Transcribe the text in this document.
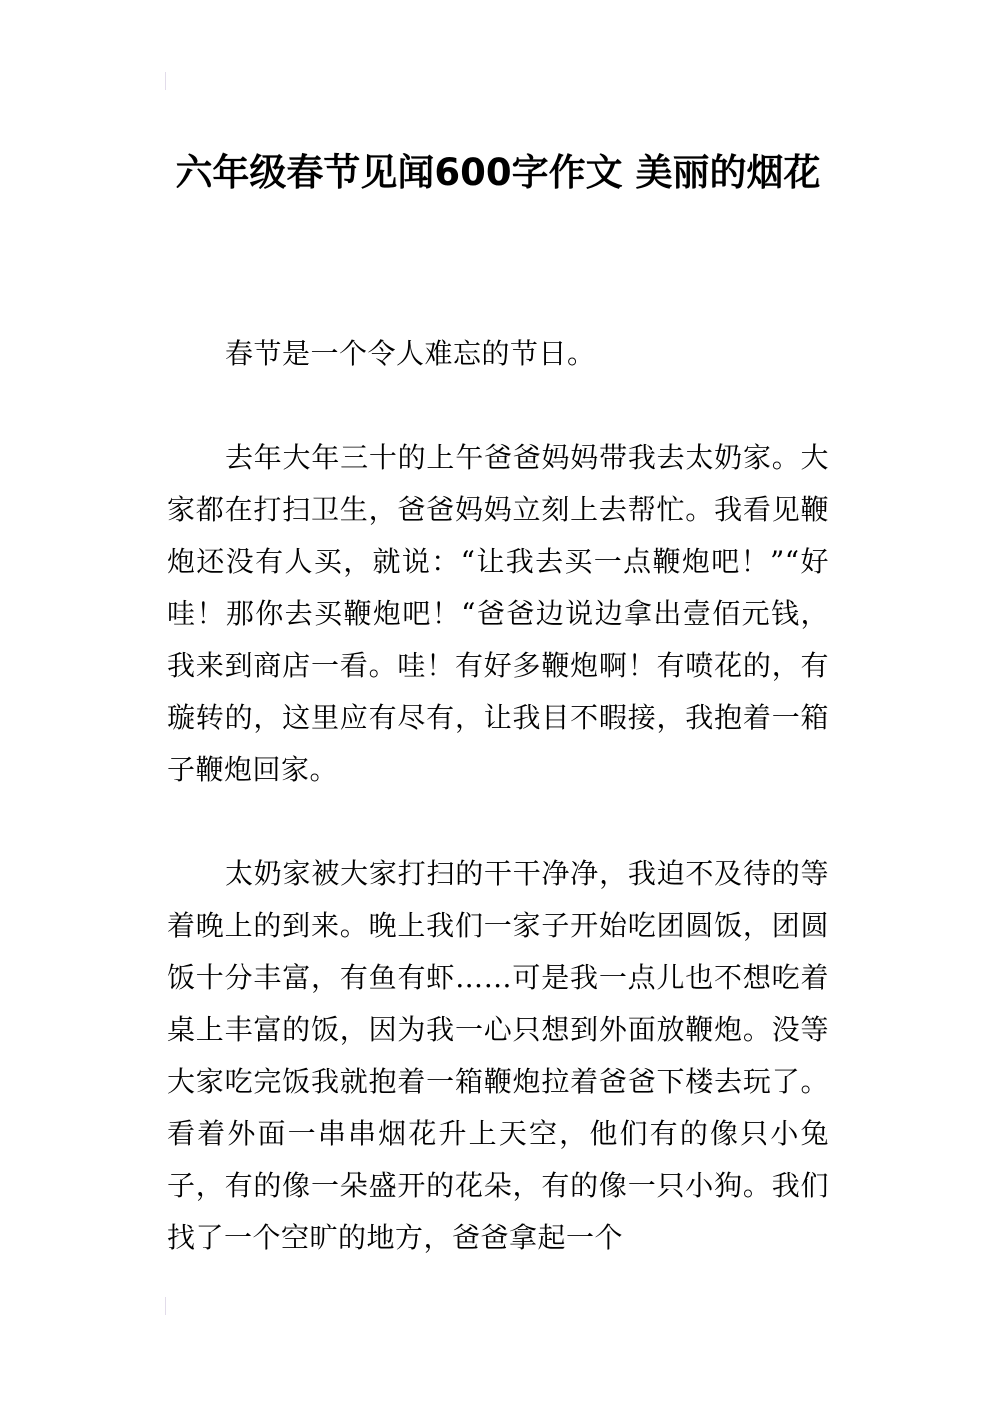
六年级春节见闻600字作文 美丽的烟花

春节是一个令人难忘的节日。

去年大年三十的上午爸爸妈妈带我去太奶家。大家都在打扫卫生，爸爸妈妈立刻上去帮忙。我看见鞭炮还没有人买，就说：“让我去买一点鞭炮吧！”“好哇！那你去买鞭炮吧！“爸爸边说边拿出壹佰元钱，我来到商店一看。哇！有好多鞭炮啊！有喷花的，有璇转的，这里应有尽有，让我目不暇接，我抱着一箱子鞭炮回家。

太奶家被大家打扫的干干净净，我迫不及待的等着晚上的到来。晚上我们一家子开始吃团圆饭，团圆饭十分丰富，有鱼有虾……可是我一点儿也不想吃着桌上丰富的饭，因为我一心只想到外面放鞭炮。没等大家吃完饭我就抱着一箱鞭炮拉着爸爸下楼去玩了。看着外面一串串烟花升上天空，他们有的像只小兔子，有的像一朵盛开的花朵，有的像一只小狗。我们找了一个空旷的地方，爸爸拿起一个
